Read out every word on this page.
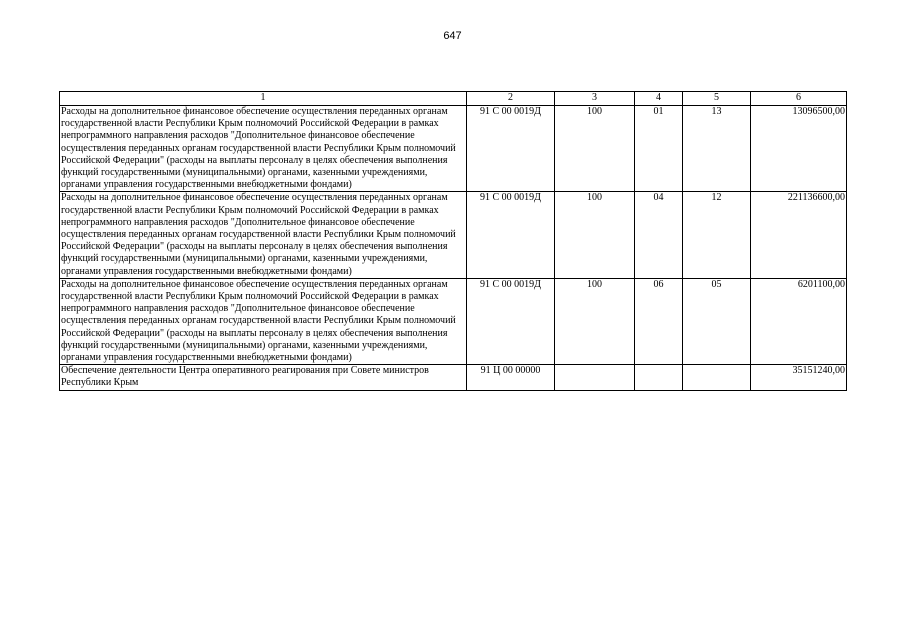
647
1	2	3	4	5	6
Расходы на дополнительное финансовое обеспечение осуществления переданных органам государственной власти Республики Крым полномочий Российской Федерации в рамках непрограммного направления расходов "Дополнительное финансовое обеспечение осуществления переданных органам государственной власти Республики Крым полномочий Российской Федерации" (расходы на выплаты персоналу в целях обеспечения выполнения функций государственными (муниципальными) органами, казенными учреждениями, органами управления государственными внебюджетными фондами)	91 С 00 0019Д	100	01	13	13096500,00
Расходы на дополнительное финансовое обеспечение осуществления переданных органам государственной власти Республики Крым полномочий Российской Федерации в рамках непрограммного направления расходов "Дополнительное финансовое обеспечение осуществления переданных органам государственной власти Республики Крым полномочий Российской Федерации" (расходы на выплаты персоналу в целях обеспечения выполнения функций государственными (муниципальными) органами, казенными учреждениями, органами управления государственными внебюджетными фондами)	91 С 00 0019Д	100	04	12	221136600,00
Расходы на дополнительное финансовое обеспечение осуществления переданных органам государственной власти Республики Крым полномочий Российской Федерации в рамках непрограммного направления расходов "Дополнительное финансовое обеспечение осуществления переданных органам государственной власти Республики Крым полномочий Российской Федерации" (расходы на выплаты персоналу в целях обеспечения выполнения функций государственными (муниципальными) органами, казенными учреждениями, органами управления государственными внебюджетными фондами)	91 С 00 0019Д	100	06	05	6201100,00
Обеспечение деятельности Центра оперативного реагирования при Совете министров Республики Крым	91 Ц 00 00000				35151240,00
